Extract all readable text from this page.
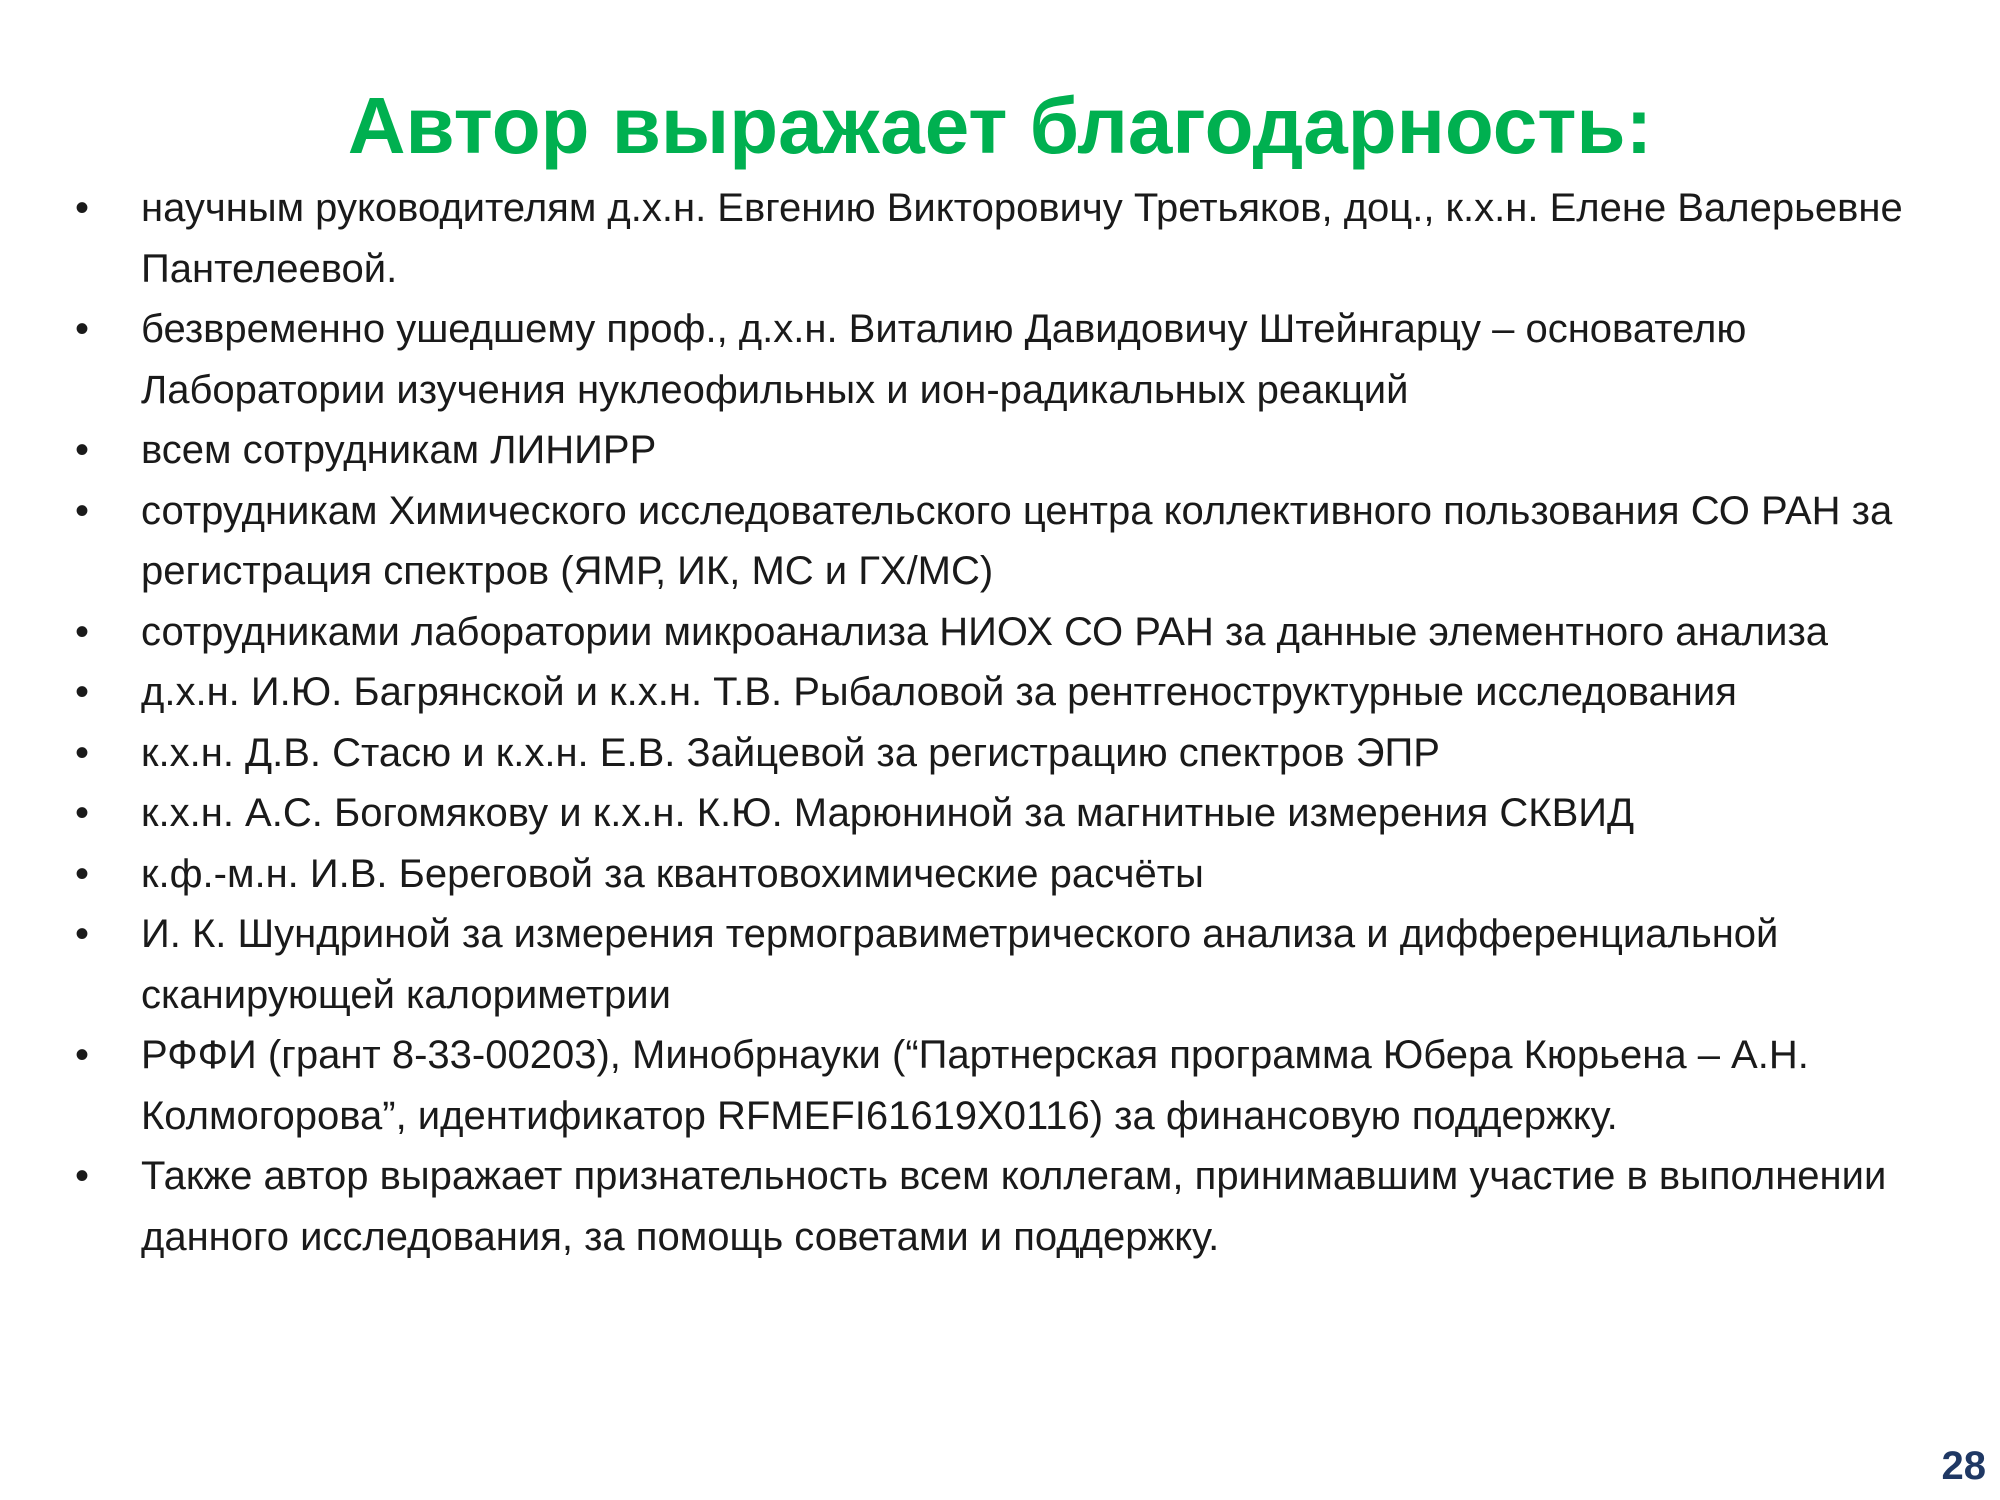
Автор выражает благодарность:
•	научным руководителям д.х.н. Евгению Викторовичу Третьяков, доц., к.х.н. Елене Валерьевне Пантелеевой.
•	безвременно ушедшему проф., д.х.н. Виталию Давидовичу Штейнгарцу – основателю Лаборатории изучения нуклеофильных и ион-радикальных реакций
•	всем сотрудникам ЛИНИРР
•	сотрудникам Химического исследовательского центра коллективного пользования СО РАН за регистрация спектров (ЯМР, ИК, МС и ГХ/МС)
•	сотрудниками лаборатории микроанализа НИОХ СО РАН за данные элементного анализа
•	д.х.н. И.Ю. Багрянской и к.х.н. Т.В. Рыбаловой за рентгеноструктурные исследования
•	к.х.н. Д.В. Стасю и к.х.н. Е.В. Зайцевой за регистрацию спектров ЭПР
•	к.х.н. А.С. Богомякову и к.х.н. К.Ю. Марюниной за магнитные измерения СКВИД
•	к.ф.-м.н. И.В. Береговой за квантовохимические расчёты
•	И. К. Шундриной за измерения термогравиметрического анализа и дифференциальной сканирующей калориметрии
•	РФФИ (грант 8-33-00203), Минобрнауки (“Партнерская программа Юбера Кюрьена – А.Н. Колмогорова”, идентификатор RFMEFI61619X0116) за финансовую поддержку.
•	Также автор выражает признательность всем коллегам, принимавшим участие в выполнении данного исследования, за помощь советами и поддержку.
28
